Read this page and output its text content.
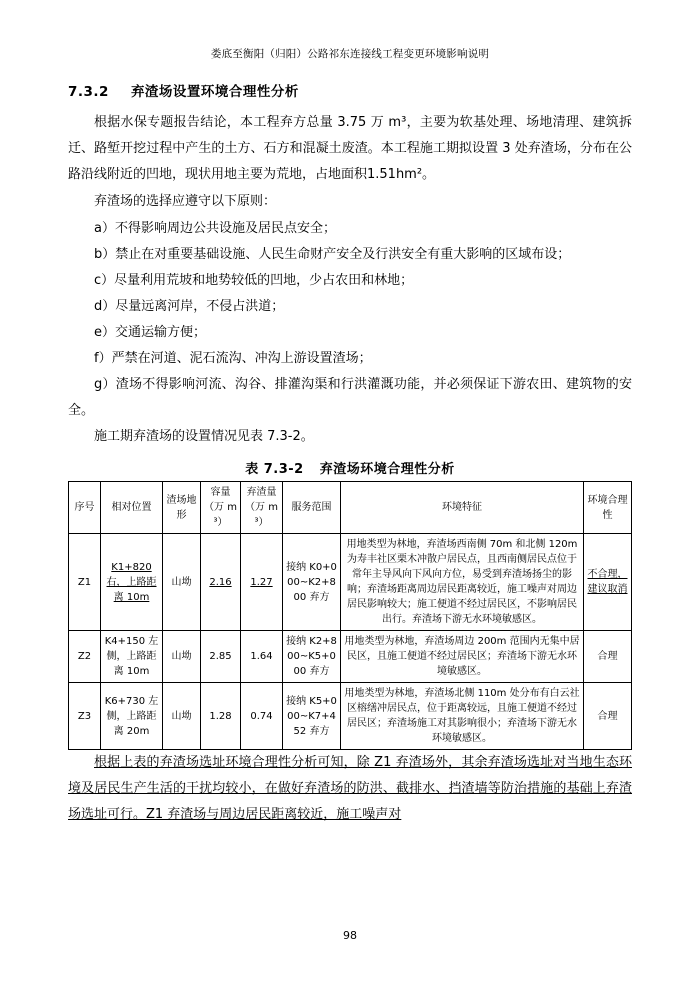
娄底至衡阳（归阳）公路祁东连接线工程变更环境影响说明
7.3.2 弃渣场设置环境合理性分析

根据水保专题报告结论，本工程弃方总量 3.75 万 m³，主要为软基处理、场地清理、建筑拆迁、路堑开挖过程中产生的土方、石方和混凝土废渣。本工程施工期拟设置 3 处弃渣场，分布在公路沿线附近的凹地，现状用地主要为荒地，占地面积1.51hm²。

弃渣场的选择应遵守以下原则：

a）不得影响周边公共设施及居民点安全；

b）禁止在对重要基础设施、人民生命财产安全及行洪安全有重大影响的区域布设；

c）尽量利用荒坡和地势较低的凹地，少占农田和林地；

d）尽量远离河岸，不侵占洪道；

e）交通运输方便；

f）严禁在河道、泥石流沟、冲沟上游设置渣场；

g）渣场不得影响河流、沟谷、排灌沟渠和行洪灌溉功能，并必须保证下游农田、建筑物的安全。

施工期弃渣场的设置情况见表 7.3-2。

表 7.3-2 弃渣场环境合理性分析
序号	相对位置	渣场地形	容量（万 m³）	弃渣量（万 m³）	服务范围	环境特征	环境合理性
Z1	K1+820 右，上路距离 10m	山坳	2.16	1.27	接纳 K0+000~K2+800 弃方	用地类型为林地，弃渣场西南侧 70m 和北侧 120m 为寿丰社区栗木冲散户居民点，且西南侧居民点位于常年主导风向下风向方位，易受到弃渣场扬尘的影响；弃渣场距离周边居民距离较近，施工噪声对周边居民影响较大；施工便道不经过居民区，不影响居民出行。弃渣场下游无水环境敏感区。	不合理，建议取消
Z2	K4+150 左侧，上路距离 10m	山坳	2.85	1.64	接纳 K2+800~K5+000 弃方	用地类型为林地，弃渣场周边 200m 范围内无集中居民区，且施工便道不经过居民区；弃渣场下游无水环境敏感区。	合理
Z3	K6+730 左侧，上路距离 20m	山坳	1.28	0.74	接纳 K5+000~K7+452 弃方	用地类型为林地，弃渣场北侧 110m 处分布有白云社区榕缮冲居民点，位于距离较远，且施工便道不经过居民区；弃渣场施工对其影响很小；弃渣场下游无水环境敏感区。	合理

根据上表的弃渣场选址环境合理性分析可知，除 Z1 弃渣场外，其余弃渣场选址对当地生态环境及居民生产生活的干扰均较小，在做好弃渣场的防洪、截排水、挡渣墙等防治措施的基础上弃渣场选址可行。Z1 弃渣场与周边居民距离较近，施工噪声对

98
